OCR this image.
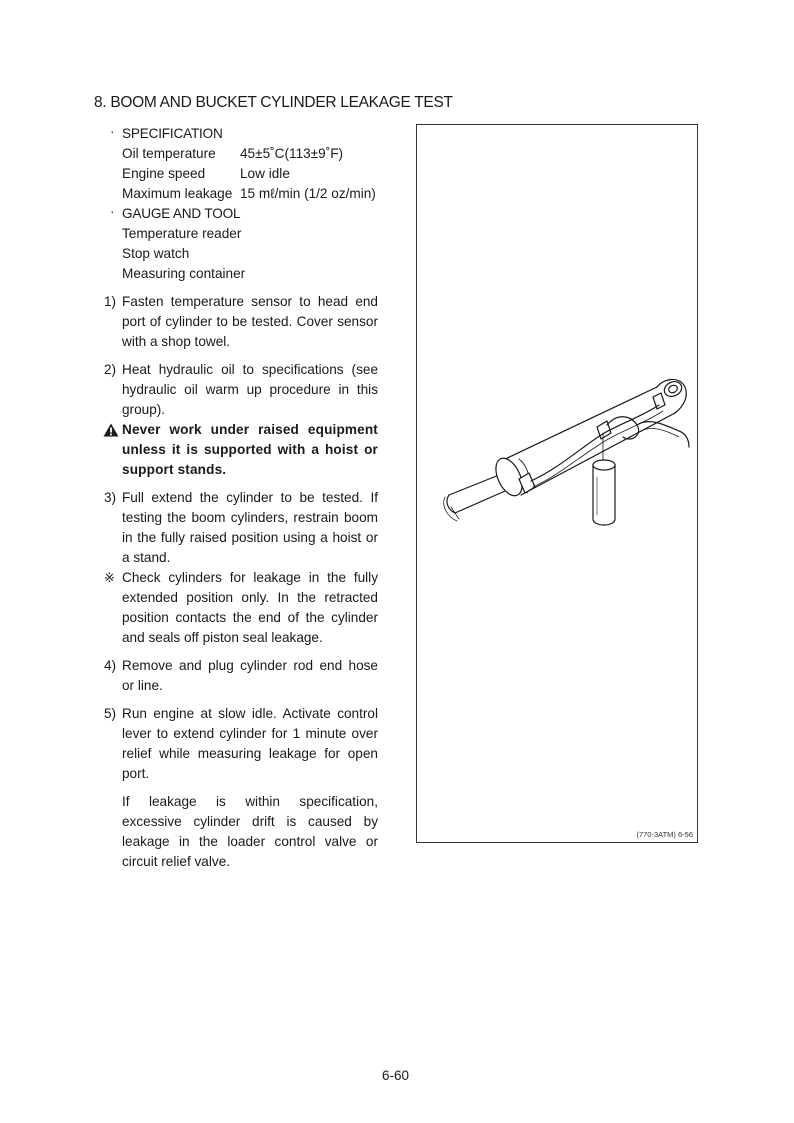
8. BOOM AND BUCKET CYLINDER LEAKAGE TEST
· SPECIFICATION
Oil temperature	45±5˚C(113±9˚F)
Engine speed	Low idle
Maximum leakage 15 mℓ/min (1/2 oz/min)
· GAUGE AND TOOL
Temperature reader
Stop watch
Measuring container
1) Fasten temperature sensor to head end port of cylinder to be tested. Cover sensor with a shop towel.
2) Heat hydraulic oil to specifications (see hydraulic oil warm up procedure in this group).
Never work under raised equipment unless it is supported with a hoist or support stands.
3) Full extend the cylinder to be tested. If testing the boom cylinders, restrain boom in the fully raised position using a hoist or a stand.
※ Check cylinders for leakage in the fully extended position only. In the retracted position contacts the end of the cylinder and seals off piston seal leakage.
4) Remove and plug cylinder rod end hose or line.
5) Run engine at slow idle. Activate control lever to extend cylinder for 1 minute over relief while measuring leakage for open port.
If leakage is within specification, excessive cylinder drift is caused by leakage in the loader control valve or circuit relief valve.
(770-3ATM) 6-56
6-60
